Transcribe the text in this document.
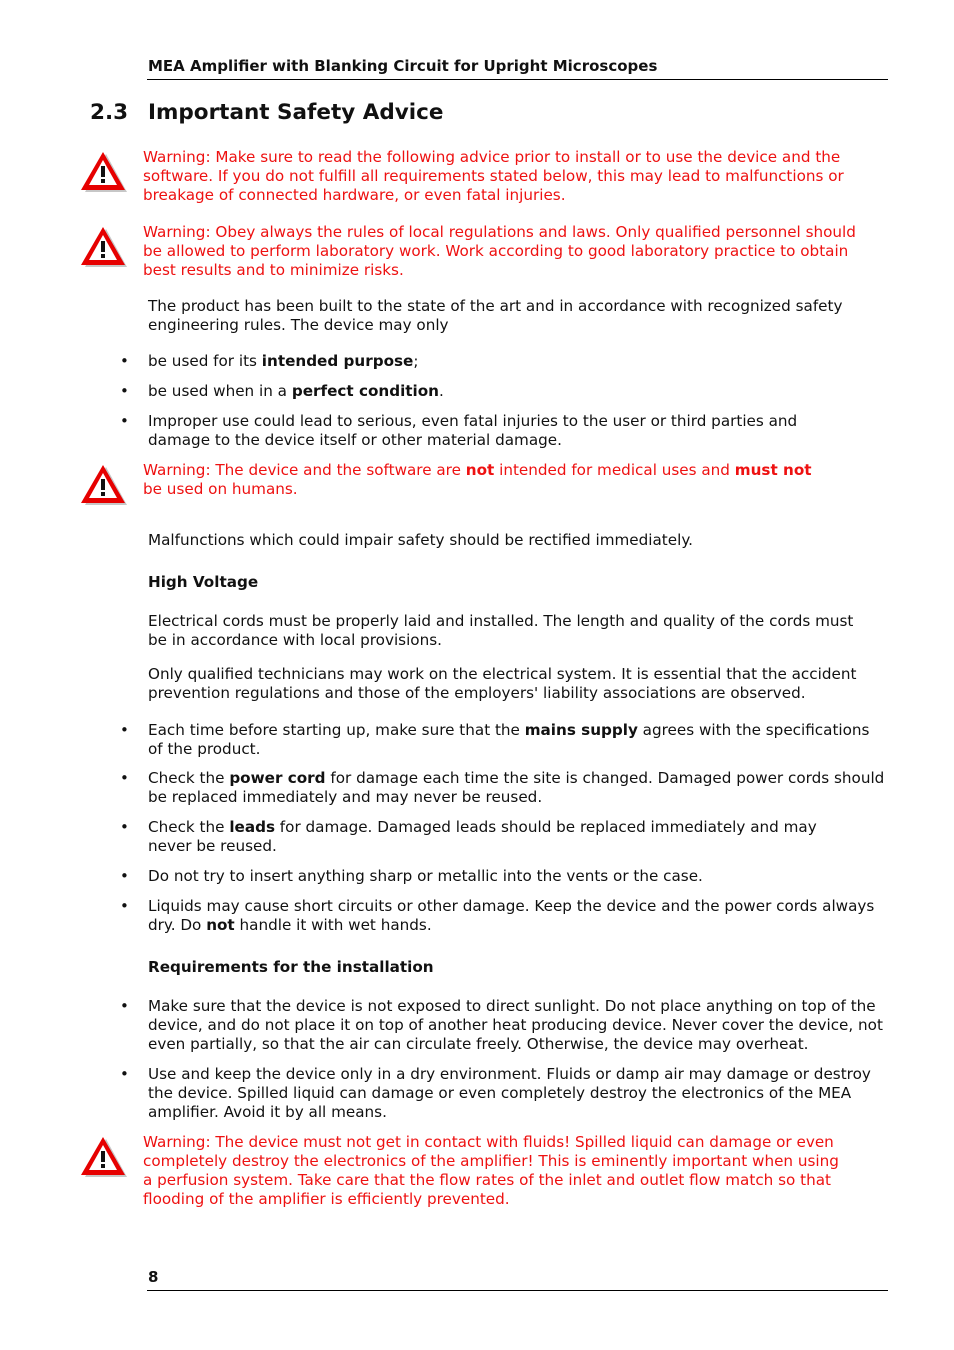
MEA Amplifier with Blanking Circuit for Upright Microscopes
2.3 Important Safety Advice
Warning: Make sure to read the following advice prior to install or to use the device and the software. If you do not fulfill all requirements stated below, this may lead to malfunctions or breakage of connected hardware, or even fatal injuries.
Warning: Obey always the rules of local regulations and laws. Only qualified personnel should be allowed to perform laboratory work. Work according to good laboratory practice to obtain best results and to minimize risks.
The product has been built to the state of the art and in accordance with recognized safety engineering rules. The device may only
• be used for its intended purpose;
• be used when in a perfect condition.
• Improper use could lead to serious, even fatal injuries to the user or third parties and damage to the device itself or other material damage.
Warning: The device and the software are not intended for medical uses and must not
be used on humans.
Malfunctions which could impair safety should be rectified immediately.
High Voltage
Electrical cords must be properly laid and installed. The length and quality of the cords must be in accordance with local provisions.
Only qualified technicians may work on the electrical system. It is essential that the accident prevention regulations and those of the employers' liability associations are observed.
• Each time before starting up, make sure that the mains supply agrees with the specifications of the product.
• Check the power cord for damage each time the site is changed. Damaged power cords should be replaced immediately and may never be reused.
• Check the leads for damage. Damaged leads should be replaced immediately and may never be reused.
• Do not try to insert anything sharp or metallic into the vents or the case.
• Liquids may cause short circuits or other damage. Keep the device and the power cords always dry. Do not handle it with wet hands.
Requirements for the installation
• Make sure that the device is not exposed to direct sunlight. Do not place anything on top of the device, and do not place it on top of another heat producing device. Never cover the device, not even partially, so that the air can circulate freely. Otherwise, the device may overheat.
• Use and keep the device only in a dry environment. Fluids or damp air may damage or destroy the device. Spilled liquid can damage or even completely destroy the electronics of the MEA amplifier. Avoid it by all means.
Warning: The device must not get in contact with fluids! Spilled liquid can damage or even completely destroy the electronics of the amplifier! This is eminently important when using a perfusion system. Take care that the flow rates of the inlet and outlet flow match so that flooding of the amplifier is efficiently prevented.
8
